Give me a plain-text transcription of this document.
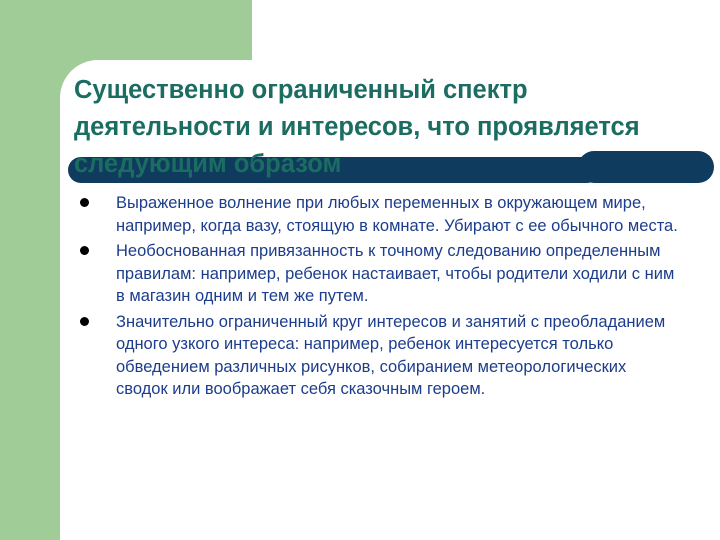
Существенно ограниченный спектр деятельности и интересов, что проявляется следующим образом
Выраженное волнение при любых переменных в окружающем мире, например, когда вазу, стоящую в комнате. Убирают с ее обычного места.
Необоснованная привязанность к точному следованию определенным правилам: например, ребенок настаивает, чтобы родители ходили с ним в магазин одним и тем же путем.
Значительно ограниченный круг интересов и занятий с преобладанием одного узкого интереса: например, ребенок интересуется только обведением различных рисунков, собиранием метеорологических сводок или воображает себя сказочным героем.
